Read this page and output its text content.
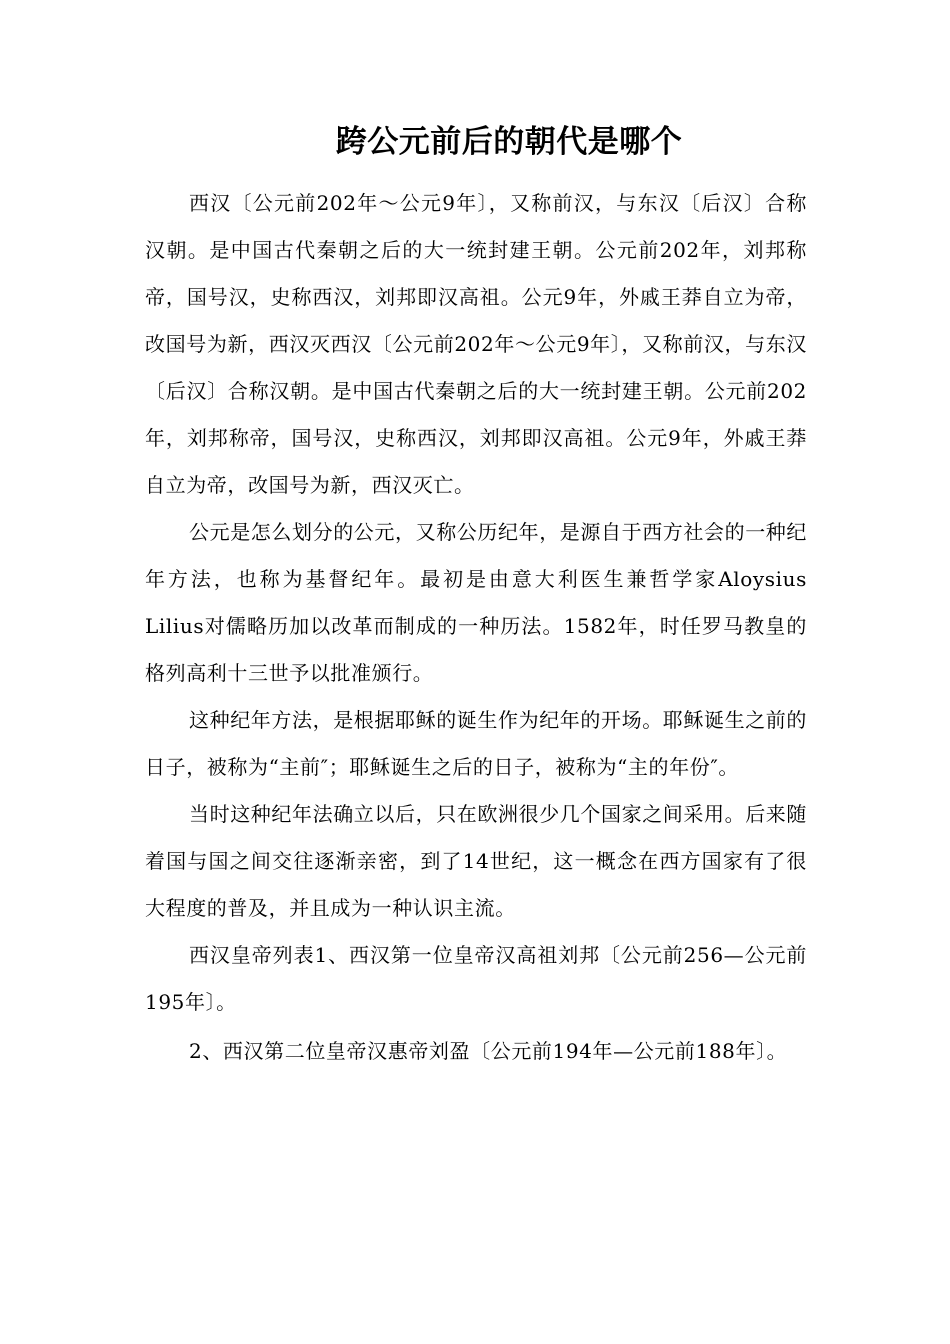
跨公元前后的朝代是哪个

西汉〔公元前202年～公元9年〕，又称前汉，与东汉〔后汉〕合称汉朝。是中国古代秦朝之后的大一统封建王朝。公元前202年，刘邦称帝，国号汉，史称西汉，刘邦即汉高祖。公元9年，外戚王莽自立为帝，改国号为新，西汉灭西汉〔公元前202年～公元9年〕，又称前汉，与东汉〔后汉〕合称汉朝。是中国古代秦朝之后的大一统封建王朝。公元前202年，刘邦称帝，国号汉，史称西汉，刘邦即汉高祖。公元9年，外戚王莽自立为帝，改国号为新，西汉灭亡。

公元是怎么划分的公元，又称公历纪年，是源自于西方社会的一种纪年方法，也称为基督纪年。最初是由意大利医生兼哲学家Aloysius Lilius对儒略历加以改革而制成的一种历法。1582年，时任罗马教皇的格列高利十三世予以批准颁行。

这种纪年方法，是根据耶稣的诞生作为纪年的开场。耶稣诞生之前的日子，被称为“主前″；耶稣诞生之后的日子，被称为“主的年份″。

当时这种纪年法确立以后，只在欧洲很少几个国家之间采用。后来随着国与国之间交往逐渐亲密，到了14世纪，这一概念在西方国家有了很大程度的普及，并且成为一种认识主流。

西汉皇帝列表1、西汉第一位皇帝汉高祖刘邦〔公元前256—公元前195年〕。

2、西汉第二位皇帝汉惠帝刘盈〔公元前194年—公元前188年〕。
